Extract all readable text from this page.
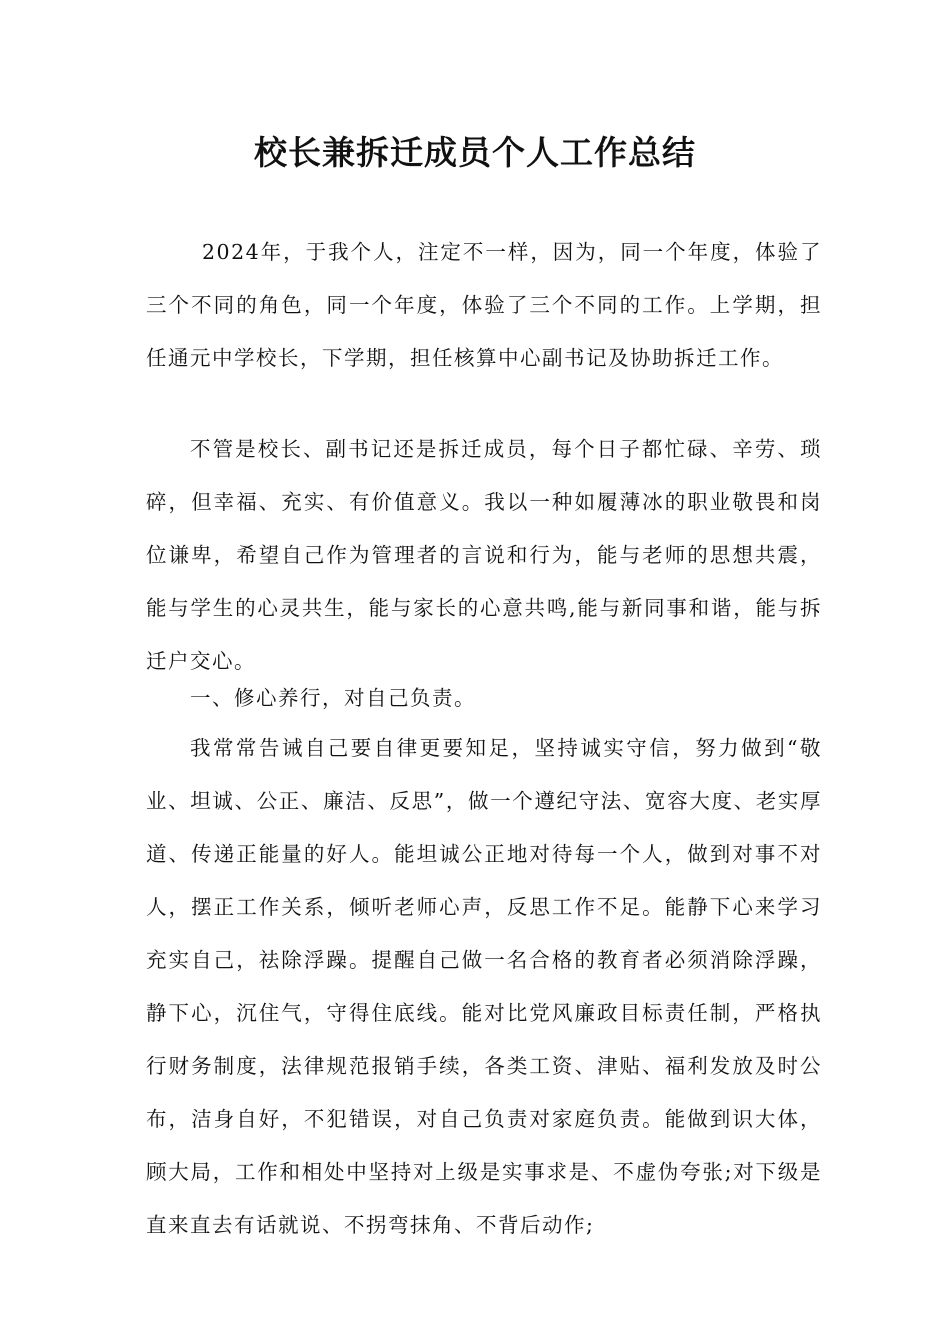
校长兼拆迁成员个人工作总结

2024年，于我个人，注定不一样，因为，同一个年度，体验了三个不同的角色，同一个年度，体验了三个不同的工作。上学期，担任通元中学校长，下学期，担任核算中心副书记及协助拆迁工作。

不管是校长、副书记还是拆迁成员，每个日子都忙碌、辛劳、琐碎，但幸福、充实、有价值意义。我以一种如履薄冰的职业敬畏和岗位谦卑，希望自己作为管理者的言说和行为，能与老师的思想共震，能与学生的心灵共生，能与家长的心意共鸣,能与新同事和谐，能与拆迁户交心。

一、修心养行，对自己负责。

我常常告诫自己要自律更要知足，坚持诚实守信，努力做到“敬业、坦诚、公正、廉洁、反思”，做一个遵纪守法、宽容大度、老实厚道、传递正能量的好人。能坦诚公正地对待每一个人，做到对事不对人，摆正工作关系，倾听老师心声，反思工作不足。能静下心来学习充实自己，祛除浮躁。提醒自己做一名合格的教育者必须消除浮躁，静下心，沉住气，守得住底线。能对比党风廉政目标责任制，严格执行财务制度，法律规范报销手续，各类工资、津贴、福利发放及时公布，洁身自好，不犯错误，对自己负责对家庭负责。能做到识大体，顾大局，工作和相处中坚持对上级是实事求是、不虚伪夸张;对下级是直来直去有话就说、不拐弯抹角、不背后动作;
